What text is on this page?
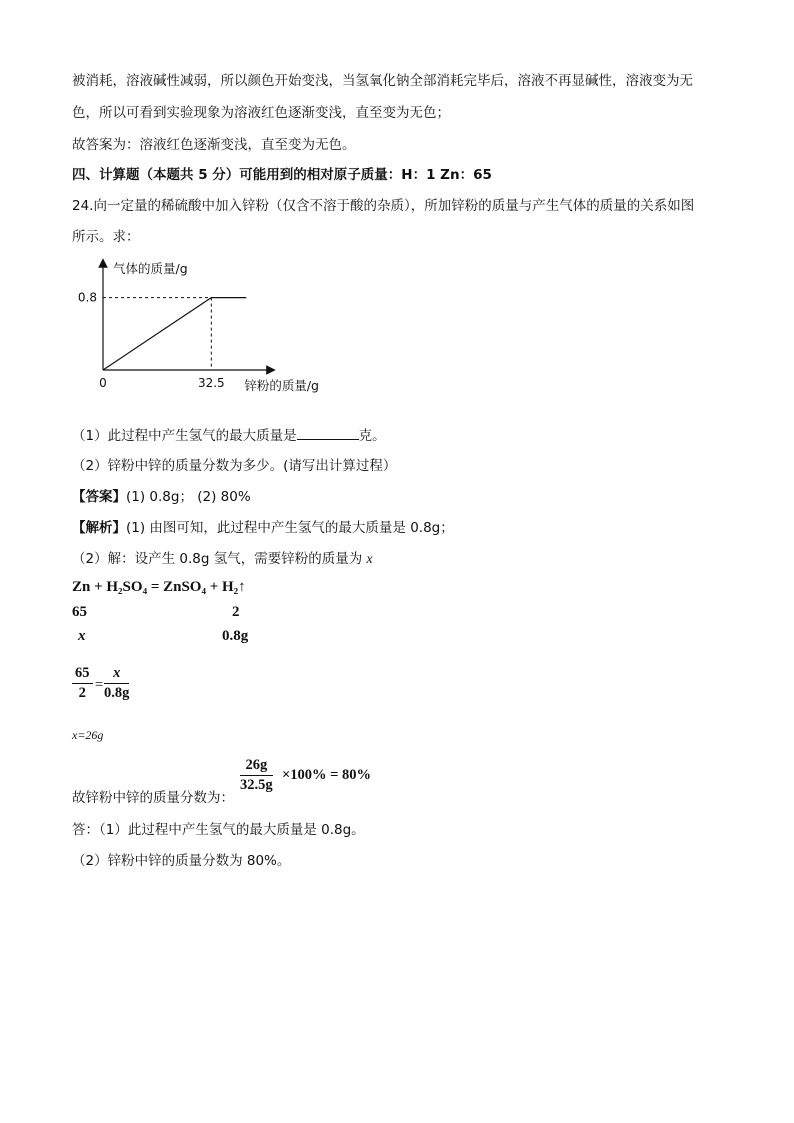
被消耗，溶液碱性减弱，所以颜色开始变浅，当氢氧化钠全部消耗完毕后，溶液不再显碱性，溶液变为无
色，所以可看到实验现象为溶液红色逐渐变浅，直至变为无色；
故答案为：溶液红色逐渐变浅，直至变为无色。
四、计算题（本题共 5 分）可能用到的相对原子质量：H：1 Zn：65
24.向一定量的稀硫酸中加入锌粉（仅含不溶于酸的杂质），所加锌粉的质量与产生气体的质量的关系如图
所示。求：
气体的质量/g
0.8
0	32.5 锌粉的质量/g
（1）此过程中产生氢气的最大质量是	克。
（2）锌粉中锌的质量分数为多少。(请写出计算过程）
【答案】(1) 0.8g； (2) 80%
【解析】(1) 由图可知，此过程中产生氢气的最大质量是 0.8g；
（2）解：设产生 0.8g 氢气，需要锌粉的质量为 x
Zn + H₂SO₄ = ZnSO₄ + H₂↑
65	2
x	0.8g
$\frac{65}{2} = \frac{x}{0.8g}$
x=26g
故锌粉中锌的质量分数为：
$\frac{26g}{32.5g} \times 100\% = 80\%$
答：（1）此过程中产生氢气的最大质量是 0.8g。
（2）锌粉中锌的质量分数为 80%。
